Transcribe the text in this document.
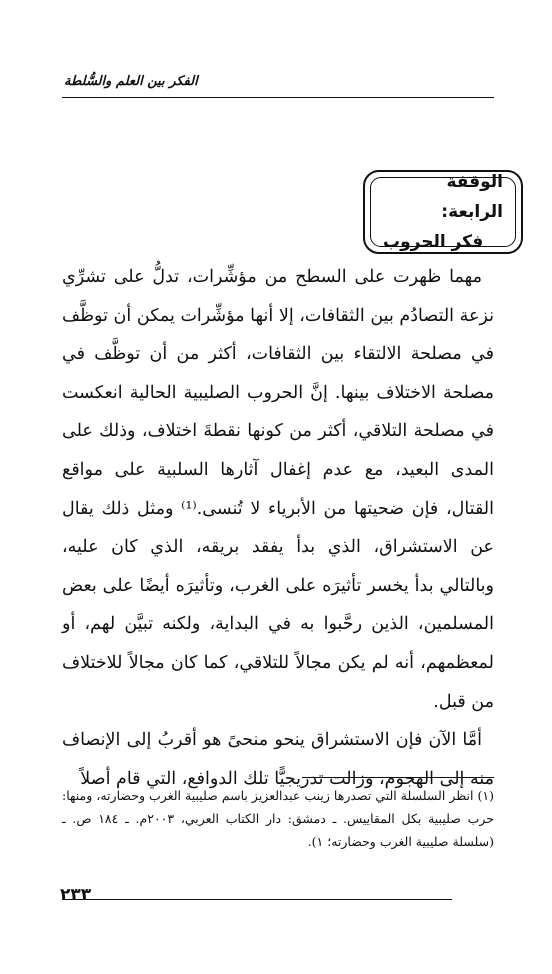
الفكر بين العلم والسُّلطة
الوقفة الرابعة:
فكر الحروب

مهما ظهرت على السطح من مؤشِّرات، تدلُّ على تشرِّي نزعة التصادُم بين الثقافات، إلا أنها مؤشِّرات يمكن أن توظَّف في مصلحة الالتقاء بين الثقافات، أكثر من أن توظَّف في مصلحة الاختلاف بينها. إنَّ الحروب الصليبية الحالية انعكست في مصلحة التلاقي، أكثر من كونها نقطةَ اختلاف، وذلك على المدى البعيد، مع عدم إغفال آثارها السلبية على مواقع القتال، فإن ضحيتها من الأبرياء لا تُنسى.⁽¹⁾ ومثل ذلك يقال عن الاستشراق، الذي بدأ يفقد بريقه، الذي كان عليه، وبالتالي بدأ يخسر تأثيرَه على الغرب، وتأثيرَه أيضًا على بعض المسلمين، الذين رحَّبوا به في البداية، ولكنه تبيَّن لهم، أو لمعظمهم، أنه لم يكن مجالاً للتلاقي، كما كان مجالاً للاختلاف من قبل.

أمَّا الآن فإن الاستشراق ينحو منحىً هو أقربُ إلى الإنصاف منه إلى الهجوم، وزالت تدريجيًّا تلك الدوافع، التي قام أصلاً

(١) انظر السلسلة التي تصدرها زينب عبدالعزيز باسم صليبية الغرب وحضارته، ومنها: حرب صليبية بكل المقاييس. ـ دمشق: دار الكتاب العربي، ٢٠٠٣م. ـ ١٨٤ ص. ـ (سلسلة صليبية الغرب وحضارته؛ ١).
٢٣٣
